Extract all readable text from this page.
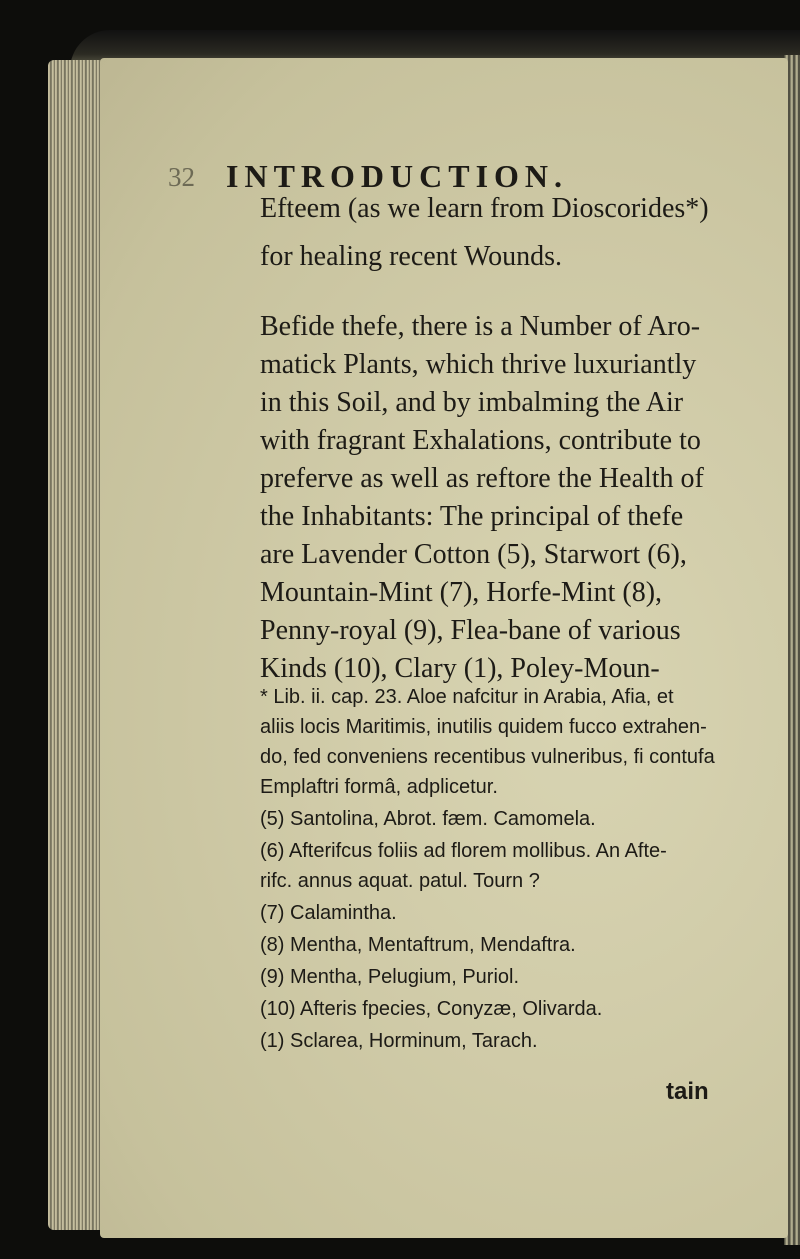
32 INTRODUCTION.
Efteem (as we learn from Dioscorides*)
for healing recent Wounds.
Befide thefe, there is a Number of Aro-
matick Plants, which thrive luxuriantly
in this Soil, and by imbalming the Air
with fragrant Exhalations, contribute to
preferve as well as reftore the Health of
the Inhabitants: The principal of thefe
are Lavender Cotton (5), Starwort (6),
Mountain-Mint (7), Horfe-Mint (8),
Penny-royal (9), Flea-bane of various
Kinds (10), Clary (1), Poley-Moun-
* Lib. ii. cap. 23. Aloe nafcitur in Arabia, Afia, et
aliis locis Maritimis, inutilis quidem fucco extrahen-
do, fed conveniens recentibus vulneribus, fi contufa
Emplaftri formâ, adplicetur.
(5) Santolina, Abrot. fæm. Camomela.
(6) Afterifcus foliis ad florem mollibus. An Afte-
rifc. annus aquat. patul. Tourn ?
(7) Calamintha.
(8) Mentha, Mentaftrum, Mendaftra.
(9) Mentha, Pelugium, Puriol.
(10) Afteris fpecies, Conyzæ, Olivarda.
(1) Sclarea, Horminum, Tarach.
tain
